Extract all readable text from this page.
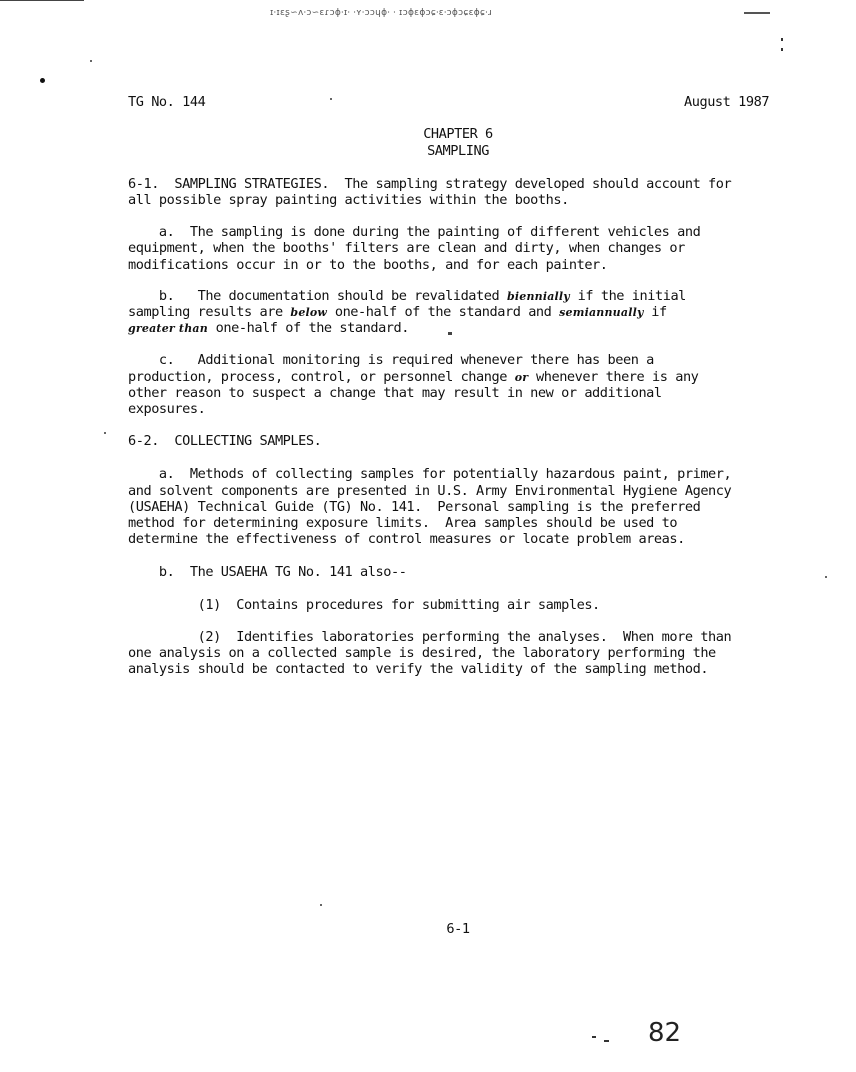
ɪ⸱ɪɛʂ∽ʌ⸱ɔ∽ɛɾɔɸ⸱ɪ⸱ ⸱ʏ⸱ɔɔɥɸ⸱ ⸱ ɪɔɸɛɸɔɕ⸱ɛ⸱ɔɸɔɕɛɸɕ⸱ɹ
TG No. 144	August 1987
CHAPTER 6
SAMPLING
6-1.  SAMPLING STRATEGIES.  The sampling strategy developed should account for
all possible spray painting activities within the booths.
a.  The sampling is done during the painting of different vehicles and
equipment, when the booths' filters are clean and dirty, when changes or
modifications occur in or to the booths, and for each painter.
b.   The documentation should be revalidated biennially if the initial
sampling results are below one-half of the standard and semiannually if
greater than one-half of the standard.
c.   Additional monitoring is required whenever there has been a
production, process, control, or personnel change or whenever there is any
other reason to suspect a change that may result in new or additional
exposures.
6-2.  COLLECTING SAMPLES.
a.  Methods of collecting samples for potentially hazardous paint, primer,
and solvent components are presented in U.S. Army Environmental Hygiene Agency
(USAEHA) Technical Guide (TG) No. 141.  Personal sampling is the preferred
method for determining exposure limits.  Area samples should be used to
determine the effectiveness of control measures or locate problem areas.
b.  The USAEHA TG No. 141 also--
(1)  Contains procedures for submitting air samples.
(2)  Identifies laboratories performing the analyses.  When more than
one analysis on a collected sample is desired, the laboratory performing the
analysis should be contacted to verify the validity of the sampling method.
6-1
82
